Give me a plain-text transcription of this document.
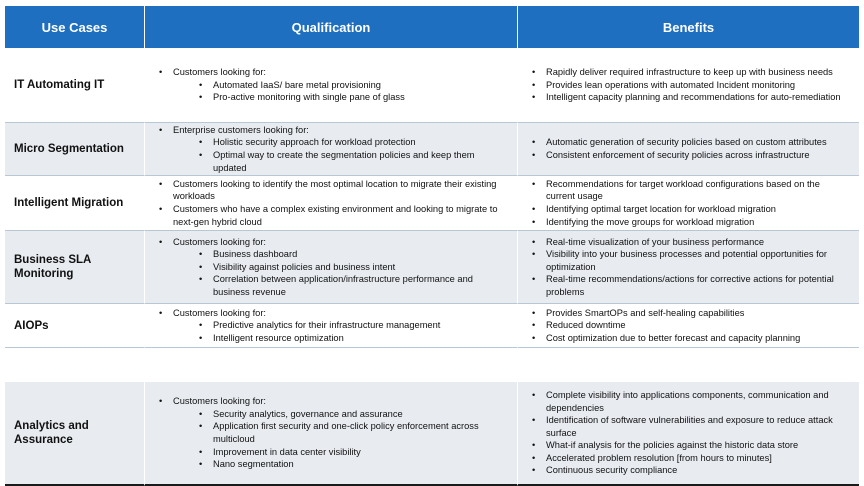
Use Cases	Qualification	Benefits
IT Automating IT
• Customers looking for:
• Automated IaaS/ bare metal provisioning
• Pro-active monitoring with single pane of glass
• Rapidly deliver required infrastructure to keep up with business needs
• Provides lean operations with automated Incident monitoring
• Intelligent capacity planning and recommendations for auto-remediation
Micro Segmentation
• Enterprise customers looking for:
• Holistic security approach for workload protection
• Optimal way to create the segmentation policies and keep them updated
• Automatic generation of security policies based on custom attributes
• Consistent enforcement of security policies across infrastructure
Intelligent Migration
• Customers looking to identify the most optimal location to migrate their existing workloads
• Customers who have a complex existing environment and looking to migrate to next-gen hybrid cloud
• Recommendations for target workload configurations based on the current usage
• Identifying optimal target location for workload migration
• Identifying the move groups for workload migration
Business SLA Monitoring
• Customers looking for:
• Business dashboard
• Visibility against policies and business intent
• Correlation between application/infrastructure performance and business revenue
• Real-time visualization of your business performance
• Visibility into your business processes and potential opportunities for optimization
• Real-time recommendations/actions for corrective actions for potential problems
AIOPs
• Customers looking for:
• Predictive analytics for their infrastructure management
• Intelligent resource optimization
• Provides SmartOPs and self-healing capabilities
• Reduced downtime
• Cost optimization due to better forecast and capacity planning
Analytics and Assurance
• Customers looking for:
• Security analytics, governance and assurance
• Application first security and one-click policy enforcement across multicloud
• Improvement in data center visibility
• Nano segmentation
• Complete visibility into applications components, communication and dependencies
• Identification of software vulnerabilities and exposure to reduce attack surface
• What-if analysis for the policies against the historic data store
• Accelerated problem resolution [from hours to minutes]
• Continuous security compliance
